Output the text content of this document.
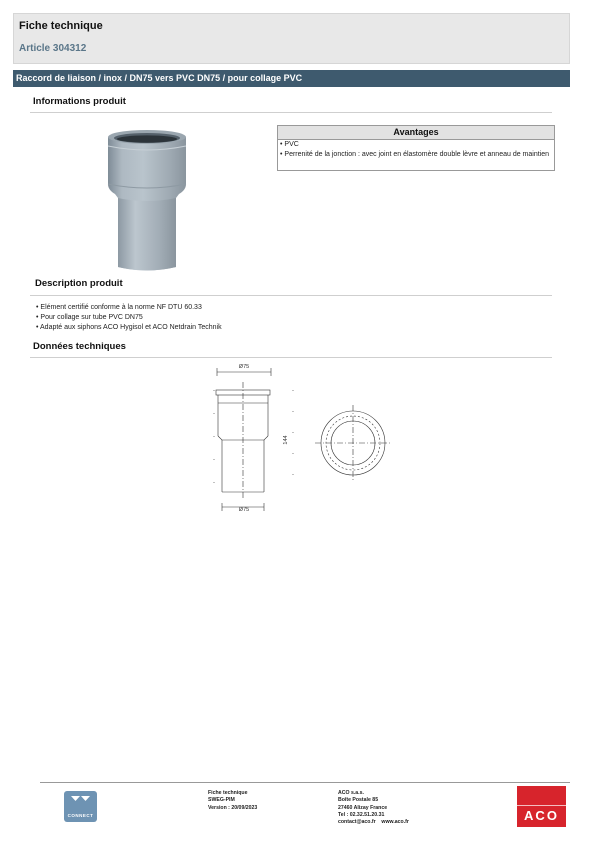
Fiche technique
Article 304312
Raccord de liaison / inox / DN75 vers PVC DN75 / pour collage PVC
Informations produit
Avantages
• PVC
• Perrenité de la jonction : avec joint en élastomère double lèvre et anneau de maintien
Description produit
• Elément certifié conforme à la norme NF DTU 60.33
• Pour collage sur tube PVC DN75
• Adapté aux siphons ACO Hygisol et ACO Netdrain Technik
Données techniques
Ø75
Ø75
144
CONNECT
Fiche technique
SWEG-PIM
Version : 20/09/2023
ACO s.a.s.
Boîte Postale 85
27460 Alizay France
Tel : 02.32.51.20.31
contact@aco.fr www.aco.fr	ACO
